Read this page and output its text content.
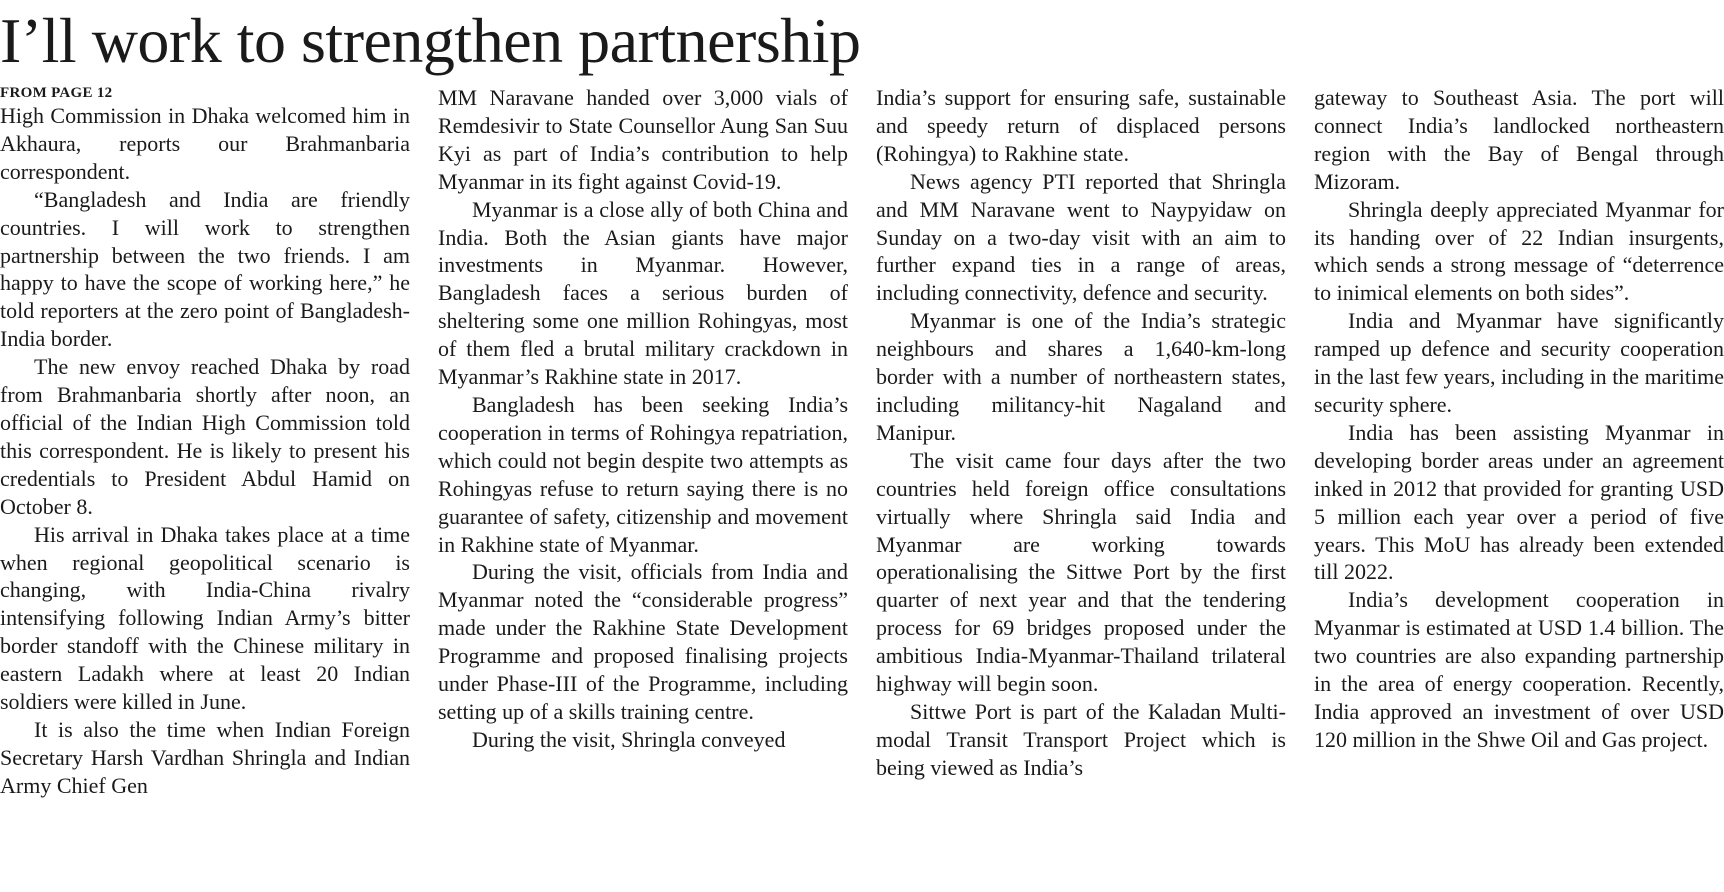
I’ll work to strengthen partnership
FROM PAGE 12

High Commission in Dhaka welcomed him in Akhaura, reports our Brahmanbaria correspondent.

“Bangladesh and India are friendly countries. I will work to strengthen partnership between the two friends. I am happy to have the scope of working here,” he told reporters at the zero point of Bangladesh-India border.

The new envoy reached Dhaka by road from Brahmanbaria shortly after noon, an official of the Indian High Commission told this correspondent. He is likely to present his credentials to President Abdul Hamid on October 8.

His arrival in Dhaka takes place at a time when regional geopolitical scenario is changing, with India-China rivalry intensifying following Indian Army’s bitter border standoff with the Chinese military in eastern Ladakh where at least 20 Indian soldiers were killed in June.

It is also the time when Indian Foreign Secretary Harsh Vardhan Shringla and Indian Army Chief Gen

MM Naravane handed over 3,000 vials of Remdesivir to State Counsellor Aung San Suu Kyi as part of India’s contribution to help Myanmar in its fight against Covid-19.

Myanmar is a close ally of both China and India. Both the Asian giants have major investments in Myanmar. However, Bangladesh faces a serious burden of sheltering some one million Rohingyas, most of them fled a brutal military crackdown in Myanmar’s Rakhine state in 2017.

Bangladesh has been seeking India’s cooperation in terms of Rohingya repatriation, which could not begin despite two attempts as Rohingyas refuse to return saying there is no guarantee of safety, citizenship and movement in Rakhine state of Myanmar.

During the visit, officials from India and Myanmar noted the “considerable progress” made under the Rakhine State Development Programme and proposed finalising projects under Phase-III of the Programme, including setting up of a skills training centre.

During the visit, Shringla conveyed

India’s support for ensuring safe, sustainable and speedy return of displaced persons (Rohingya) to Rakhine state.

News agency PTI reported that Shringla and MM Naravane went to Naypyidaw on Sunday on a two-day visit with an aim to further expand ties in a range of areas, including connectivity, defence and security.

Myanmar is one of the India’s strategic neighbours and shares a 1,640-km-long border with a number of northeastern states, including militancy-hit Nagaland and Manipur.

The visit came four days after the two countries held foreign office consultations virtually where Shringla said India and Myanmar are working towards operationalising the Sittwe Port by the first quarter of next year and that the tendering process for 69 bridges proposed under the ambitious India-Myanmar-Thailand trilateral highway will begin soon.

Sittwe Port is part of the Kaladan Multi-modal Transit Transport Project which is being viewed as India’s

gateway to Southeast Asia. The port will connect India’s landlocked northeastern region with the Bay of Bengal through Mizoram.

Shringla deeply appreciated Myanmar for its handing over of 22 Indian insurgents, which sends a strong message of “deterrence to inimical elements on both sides”.

India and Myanmar have significantly ramped up defence and security cooperation in the last few years, including in the maritime security sphere.

India has been assisting Myanmar in developing border areas under an agreement inked in 2012 that provided for granting USD 5 million each year over a period of five years. This MoU has already been extended till 2022.

India’s development cooperation in Myanmar is estimated at USD 1.4 billion. The two countries are also expanding partnership in the area of energy cooperation. Recently, India approved an investment of over USD 120 million in the Shwe Oil and Gas project.
